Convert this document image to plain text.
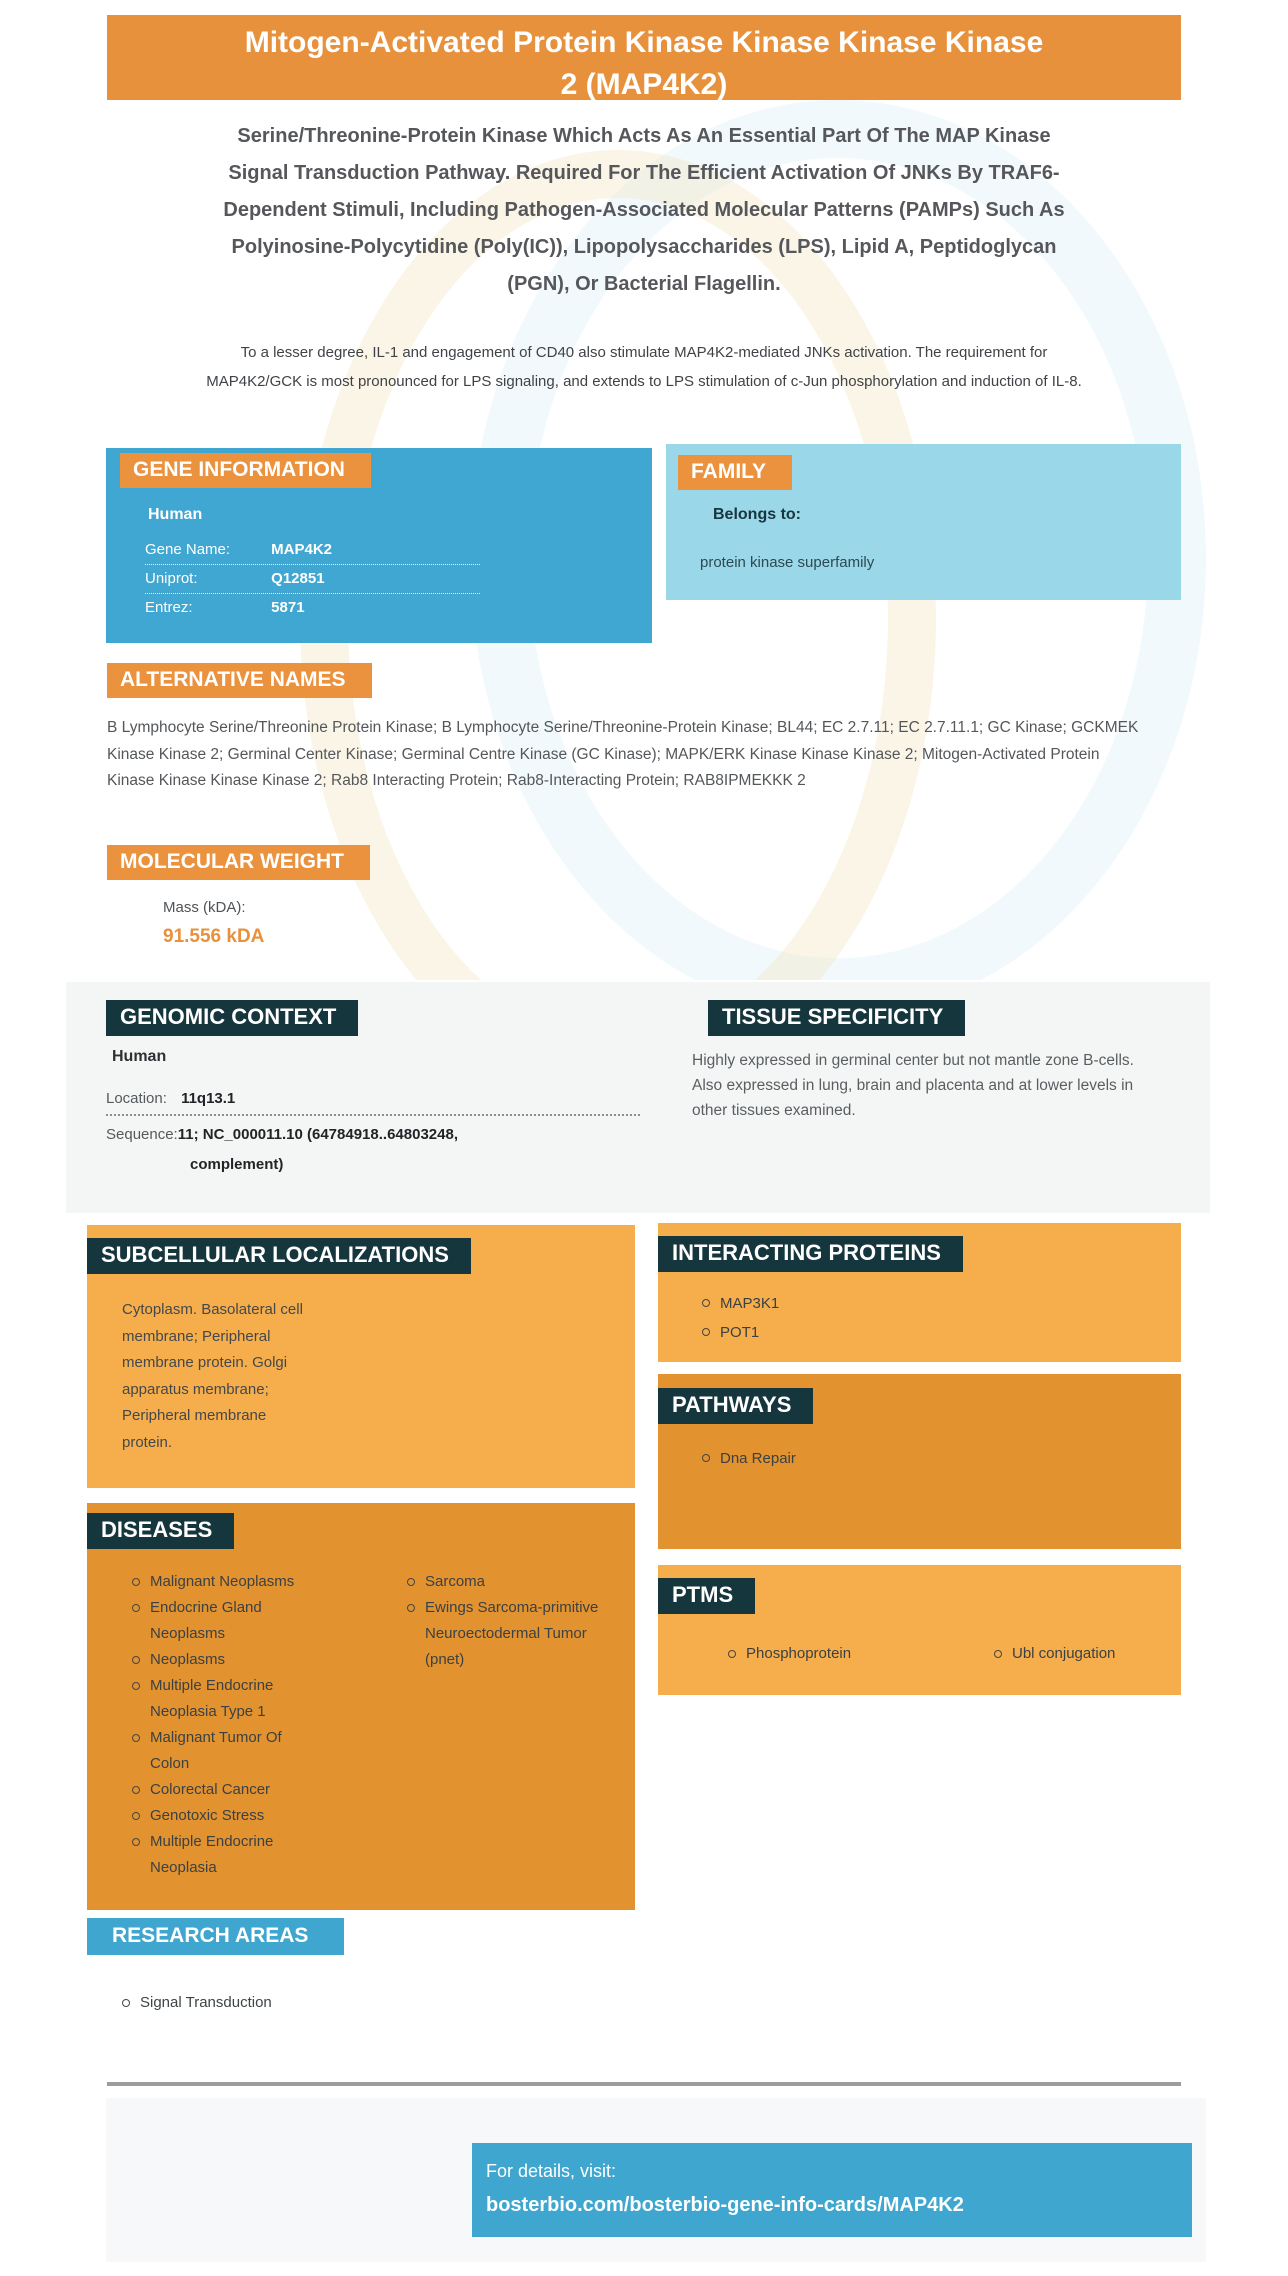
Mitogen-Activated Protein Kinase Kinase Kinase Kinase 2 (MAP4K2)
Serine/Threonine-Protein Kinase Which Acts As An Essential Part Of The MAP Kinase Signal Transduction Pathway. Required For The Efficient Activation Of JNKs By TRAF6-Dependent Stimuli, Including Pathogen-Associated Molecular Patterns (PAMPs) Such As Polyinosine-Polycytidine (Poly(IC)), Lipopolysaccharides (LPS), Lipid A, Peptidoglycan (PGN), Or Bacterial Flagellin.
To a lesser degree, IL-1 and engagement of CD40 also stimulate MAP4K2-mediated JNKs activation. The requirement for MAP4K2/GCK is most pronounced for LPS signaling, and extends to LPS stimulation of c-Jun phosphorylation and induction of IL-8.
GENE INFORMATION
Human
Gene Name:	MAP4K2
Uniprot:	Q12851
Entrez:	5871
FAMILY
Belongs to:
protein kinase superfamily
ALTERNATIVE NAMES
B Lymphocyte Serine/Threonine Protein Kinase; B Lymphocyte Serine/Threonine-Protein Kinase; BL44; EC 2.7.11; EC 2.7.11.1; GC Kinase; GCKMEK Kinase Kinase 2; Germinal Center Kinase; Germinal Centre Kinase (GC Kinase); MAPK/ERK Kinase Kinase Kinase 2; Mitogen-Activated Protein Kinase Kinase Kinase Kinase 2; Rab8 Interacting Protein; Rab8-Interacting Protein; RAB8IPMEKKK 2
MOLECULAR WEIGHT
Mass (kDA):
91.556 kDA
GENOMIC CONTEXT
Human
Location: 11q13.1
Sequence:11; NC_000011.10 (64784918..64803248,
complement)
TISSUE SPECIFICITY
Highly expressed in germinal center but not mantle zone B-cells. Also expressed in lung, brain and placenta and at lower levels in other tissues examined.
SUBCELLULAR LOCALIZATIONS
Cytoplasm. Basolateral cell membrane; Peripheral membrane protein. Golgi apparatus membrane; Peripheral membrane protein.
INTERACTING PROTEINS
MAP3K1
POT1
PATHWAYS
Dna Repair
DISEASES
Malignant Neoplasms
Endocrine Gland Neoplasms
Neoplasms
Multiple Endocrine Neoplasia Type 1
Malignant Tumor Of Colon
Colorectal Cancer
Genotoxic Stress
Multiple Endocrine Neoplasia
Sarcoma
Ewings Sarcoma-primitive Neuroectodermal Tumor (pnet)
PTMS
Phosphoprotein	Ubl conjugation
RESEARCH AREAS
Signal Transduction
For details, visit:
bosterbio.com/bosterbio-gene-info-cards/MAP4K2
